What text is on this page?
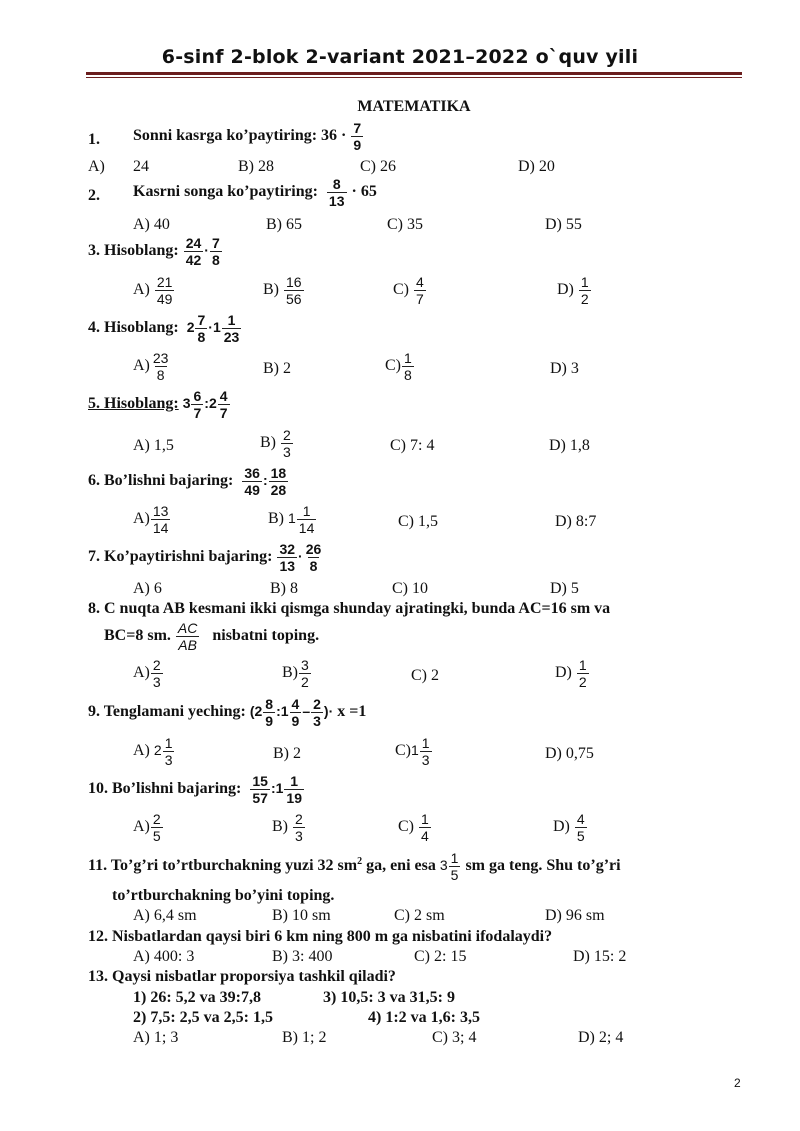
6-sinf 2-blok 2-variant 2021–2022 o`quv yili
MATEMATIKA
1. Sonni kasrga ko’paytiring: $36 \cdot \frac{7}{9}$
A) 24	B) 28	C) 26	D) 20
2. Kasrni songa ko’paytiring: $\frac{8}{13} \cdot 65$
A) 40	B) 65	C) 35	D) 55
3. Hisoblang: $\frac{24}{42} \cdot \frac{7}{8}$
$A) \frac{21}{49}$	$B) \frac{16}{56}$	$C) \frac{4}{7}$	$D) \frac{1}{2}$
4. Hisoblang: $2 \frac{7}{8} \cdot 1 \frac{1}{23}$
$A) \frac{23}{8}$	B) 2	$C) \frac{1}{8}$	D) 3
5. Hisoblang: $3 \frac{6}{7}$ :2 $\frac{4}{7}$
A) 1,5	$B) \frac{2}{3}$	C) 7: 4	D) 1,8
6. Bo’lishni bajaring: $\frac{36}{49}$ : $\frac{18}{28}$
$A) \frac{13}{14}$	B) $1 \frac{1}{14}$	C) 1,5	D) 8:7
7. Ko’paytirishni bajaring: $\frac{32}{13} \cdot \frac{26}{8}$
A) 6	B) 8	C) 10	D) 5
8. C nuqta AB kesmani ikki qismga shunday ajratingki, bunda AC=16 sm va
BC=8 sm. $\frac{AC}{AB}$ nisbatni toping.
$A) \frac{2}{3}$	$B) \frac{3}{2}$	C) 2	$D) \frac{1}{2}$
9. Tenglamani yeching: ($2 \frac{8}{9}$ :1 $\frac{4}{9} - \frac{2}{3}$ )· x =1
A) $2 \frac{1}{3}$	B) 2	$C)1 \frac{1}{3}$	D) 0,75
10. Bo’lishni bajaring: $\frac{15}{57}$ :1 $\frac{1}{19}$
$A) \frac{2}{5}$	$B) \frac{2}{3}$	$C) \frac{1}{4}$	$D) \frac{4}{5}$
11. To’g’ri to’rtburchakning yuzi 32 $sm^2$ ga, eni esa $3 \frac{1}{5}$ sm ga teng. Shu to’g’ri
to’rtburchakning bo’yini toping.
A) 6,4 sm	B) 10 sm	C) 2 sm	D) 96 sm
12. Nisbatlardan qaysi biri 6 km ning 800 m ga nisbatini ifodalaydi?
A) 400: 3	B) 3: 400	C) 2: 15	D) 15: 2
13. Qaysi nisbatlar proporsiya tashkil qiladi?
1) 26: 5,2 va 39:7,8	3) 10,5: 3 va 31,5: 9
2) 7,5: 2,5 va 2,5: 1,5	4) 1:2 va 1,6: 3,5
A) 1; 3	B) 1; 2	C) 3; 4	D) 2; 4
2
